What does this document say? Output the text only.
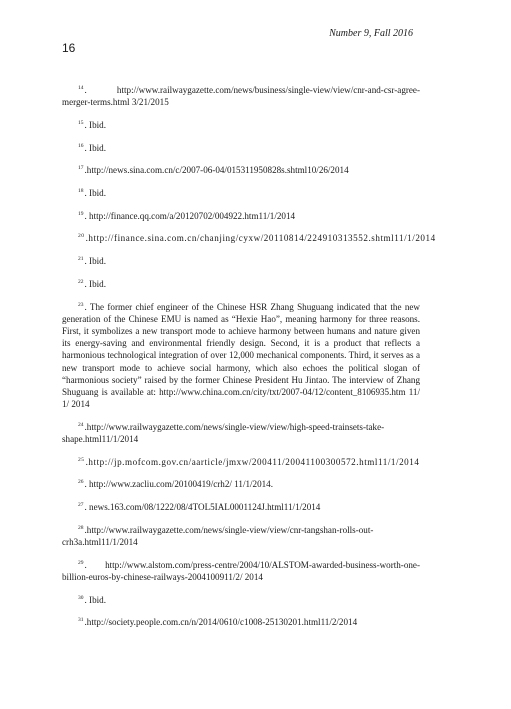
Number 9, Fall 2016
16

$^{14}$. http://www.railwaygazette.com/news/business/single-view/view/cnr-and-csr-agree-merger-terms.html 3/21/2015

$^{15}$. Ibid.

$^{16}$. Ibid.

$^{17}$.http://news.sina.com.cn/c/2007-06-04/015311950828s.shtml10/26/2014

$^{18}$. Ibid.

$^{19}$. http://finance.qq.com/a/20120702/004922.htm11/1/2014

$^{20}$.http://finance.sina.com.cn/chanjing/cyxw/20110814/224910313552.shtml11/1/2014

$^{21}$. Ibid.

$^{22}$. Ibid.

$^{23}$. The former chief engineer of the Chinese HSR Zhang Shuguang indicated that the new generation of the Chinese EMU is named as “Hexie Hao”, meaning harmony for three reasons. First, it symbolizes a new transport mode to achieve harmony between humans and nature given its energy-saving and environmental friendly design. Second, it is a product that reflects a harmonious technological integration of over 12,000 mechanical components. Third, it serves as a new transport mode to achieve social harmony, which also echoes the political slogan of “harmonious society” raised by the former Chinese President Hu Jintao. The interview of Zhang Shuguang is available at: http://www.china.com.cn/city/txt/2007-04/12/content_8106935.htm 11/ 1/ 2014

$^{24}$.http://www.railwaygazette.com/news/single-view/view/high-speed-trainsets-take-shape.html11/1/2014

$^{25}$.http://jp.mofcom.gov.cn/aarticle/jmxw/200411/20041100300572.html11/1/2014

$^{26}$. http://www.zacliu.com/20100419/crh2/ 11/1/2014.

$^{27}$. news.163.com/08/1222/08/4TOL5IAL0001124J.html11/1/2014

$^{28}$.http://www.railwaygazette.com/news/single-view/view/cnr-tangshan-rolls-out-crh3a.html11/1/2014

$^{29}$. http://www.alstom.com/press-centre/2004/10/ALSTOM-awarded-business-worth-one-billion-euros-by-chinese-railways-2004100911/2/ 2014

$^{30}$. Ibid.

$^{31}$.http://society.people.com.cn/n/2014/0610/c1008-25130201.html11/2/2014
